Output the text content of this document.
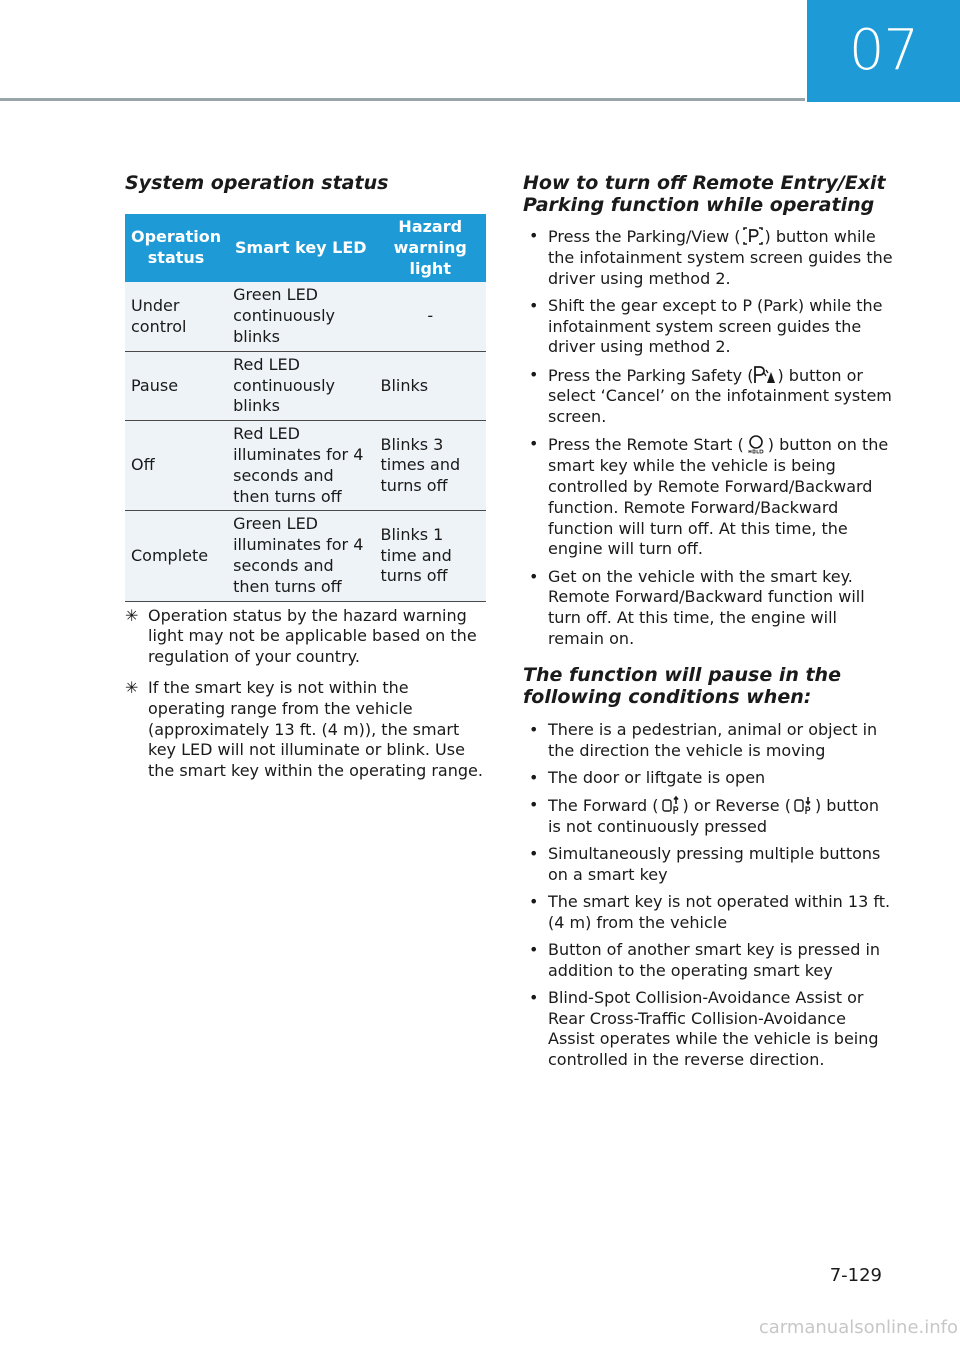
07
System operation status
Operation status	Smart key LED	Hazard warning light
Under control	Green LED continuously blinks	-
Pause	Red LED continuously blinks	Blinks
Off	Red LED illuminates for 4 seconds and then turns off	Blinks 3 times and turns off
Complete	Green LED illuminates for 4 seconds and then turns off	Blinks 1 time and turns off
✳ Operation status by the hazard warning light may not be applicable based on the regulation of your country.
✳ If the smart key is not within the operating range from the vehicle (approximately 13 ft. (4 m)), the smart key LED will not illuminate or blink. Use the smart key within the operating range.
How to turn off Remote Entry/Exit Parking function while operating
• Press the Parking/View ( ) button while the infotainment system screen guides the driver using method 2.
• Shift the gear except to P (Park) while the infotainment system screen guides the driver using method 2.
• Press the Parking Safety ( ) button or select ‘Cancel’ on the infotainment system screen.
• Press the Remote Start ( ) button on the smart key while the vehicle is being controlled by Remote Forward/Backward function. Remote Forward/Backward function will turn off. At this time, the engine will turn off.
• Get on the vehicle with the smart key. Remote Forward/Backward function will turn off. At this time, the engine will remain on.
The function will pause in the following conditions when:
• There is a pedestrian, animal or object in the direction the vehicle is moving
• The door or liftgate is open
• The Forward ( ) or Reverse ( ) button is not continuously pressed
• Simultaneously pressing multiple buttons on a smart key
• The smart key is not operated within 13 ft. (4 m) from the vehicle
• Button of another smart key is pressed in addition to the operating smart key
• Blind-Spot Collision-Avoidance Assist or Rear Cross-Traffic Collision-Avoidance Assist operates while the vehicle is being controlled in the reverse direction.
7-129
carmanualsonline.info
